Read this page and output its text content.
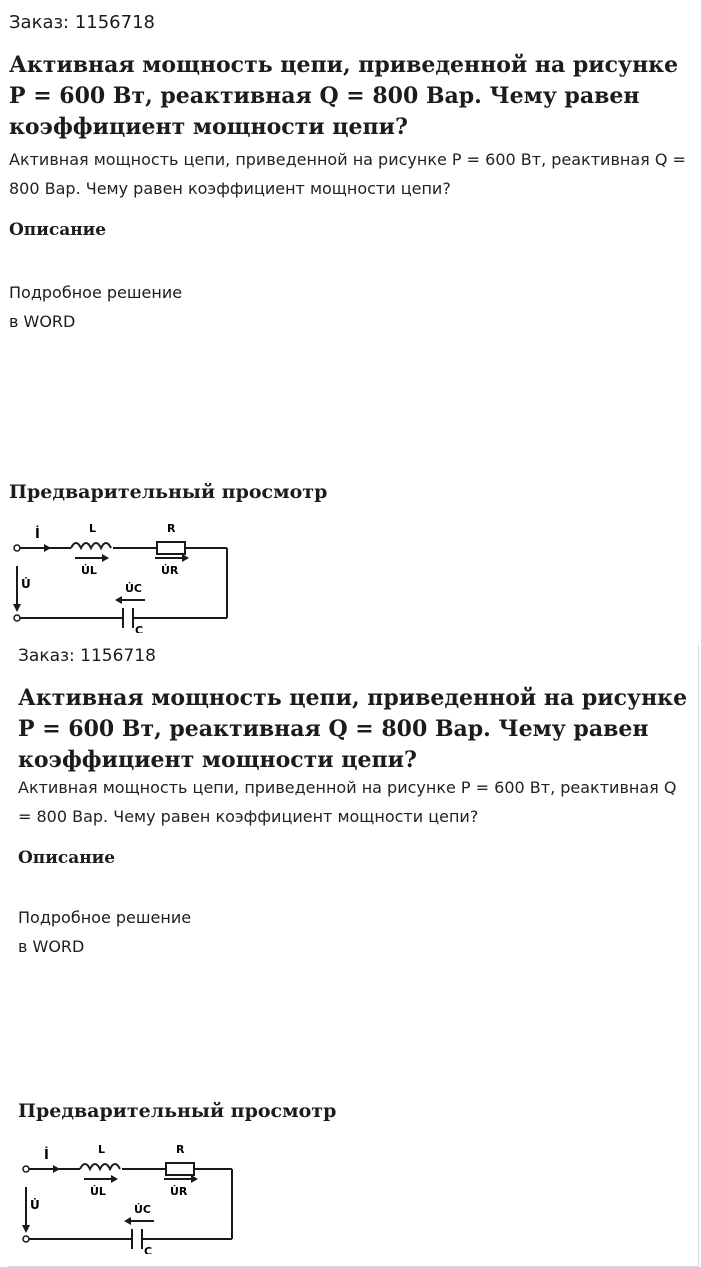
Заказ: 1156718

Активная мощность цепи, приведенной на рисунке P = 600 Вт, реактивная Q = 800 Вар. Чему равен коэффициент мощности цепи?

Активная мощность цепи, приведенной на рисунке P = 600 Вт, реактивная Q = 800 Вар. Чему равен коэффициент мощности цепи?

Описание
Подробное решение
в WORD
Предварительный просмотр
İ	L	R
U̇L	U̇R
U̇C
C
U̇

Заказ: 1156718

Активная мощность цепи, приведенной на рисунке P = 600 Вт, реактивная Q = 800 Вар. Чему равен коэффициент мощности цепи?

Активная мощность цепи, приведенной на рисунке P = 600 Вт, реактивная Q = 800 Вар. Чему равен коэффициент мощности цепи?

Описание
Подробное решение
в WORD
Предварительный просмотр
İ	L	R
U̇L	U̇R
U̇C
C
U̇
